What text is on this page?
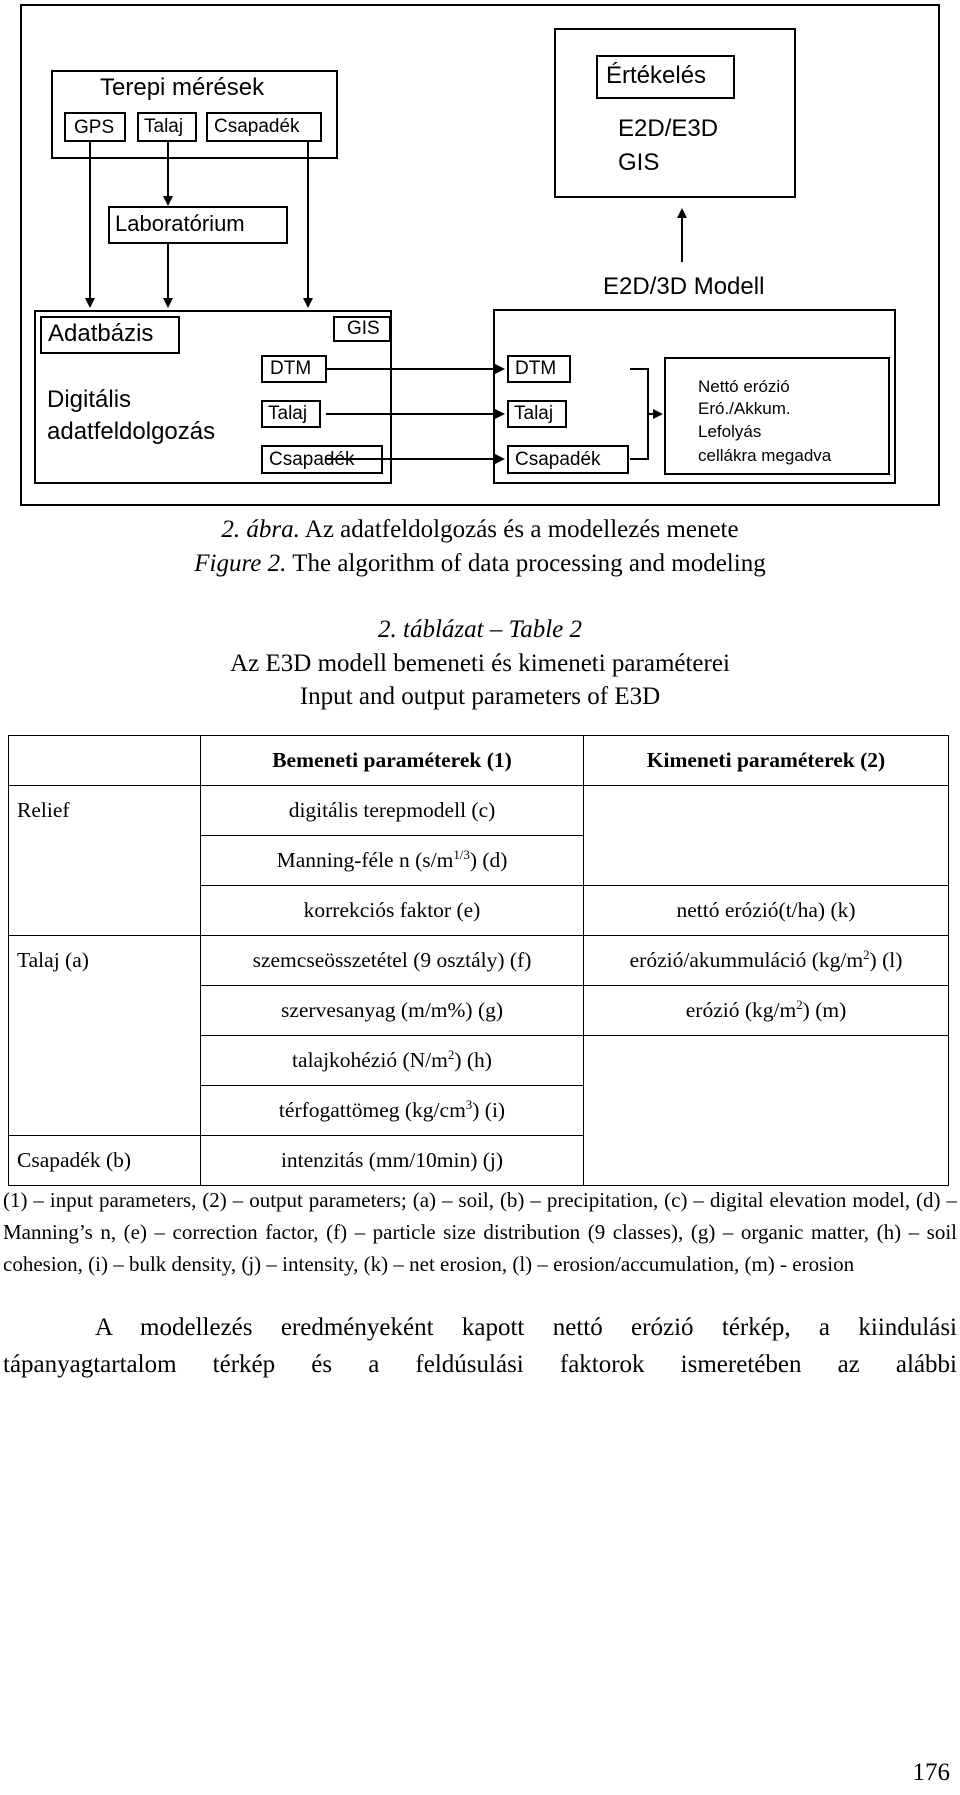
Terepi mérések
GPS Talaj Csapadék
Laboratórium
Értékelés
E2D/E3D
GIS
Adatbázis	GIS
Digitális
adatfeldolgozás
DTM
Talaj
Csapadék
E2D/3D Modell
DTM
Talaj
Csapadék
Nettó erózió
Eró./Akkum.
Lefolyás
cellákra megadva
2. ábra. Az adatfeldolgozás és a modellezés menete
Figure 2. The algorithm of data processing and modeling
2. táblázat – Table 2
Az E3D modell bemeneti és kimeneti paraméterei
Input and output parameters of E3D
	Bemeneti paraméterek (1)	Kimeneti paraméterek (2)
Relief	digitális terepmodell (c)	
	Manning-féle n $(s/m^{1/3})$ (d)	
	korrekciós faktor (e)	nettó erózió(t/ha) (k)
Talaj (a)	szemcseösszetétel (9 osztály) (f)	erózió/akummuláció $(kg/m^2)$ (l)
	szervesanyag (m/m%) (g)	erózió $(kg/m^2)$ (m)
	talajkohézió $(N/m^2)$ (h)	
	térfogattömeg $(kg/cm^3)$ (i)	
Csapadék (b)	intenzitás (mm/10min) (j)	
(1) – input parameters, (2) – output parameters; (a) – soil, (b) – precipitation, (c) – digital elevation model, (d) – Manning’s n, (e) – correction factor, (f) – particle size distribution (9 classes), (g) – organic matter, (h) – soil cohesion, (i) – bulk density, (j) – intensity, (k) – net erosion, (l) – erosion/accumulation, (m) - erosion
A modellezés eredményeként kapott nettó erózió térkép, a kiindulási
tápanyagtartalom térkép és a feldúsulási faktorok ismeretében az alábbi
176
